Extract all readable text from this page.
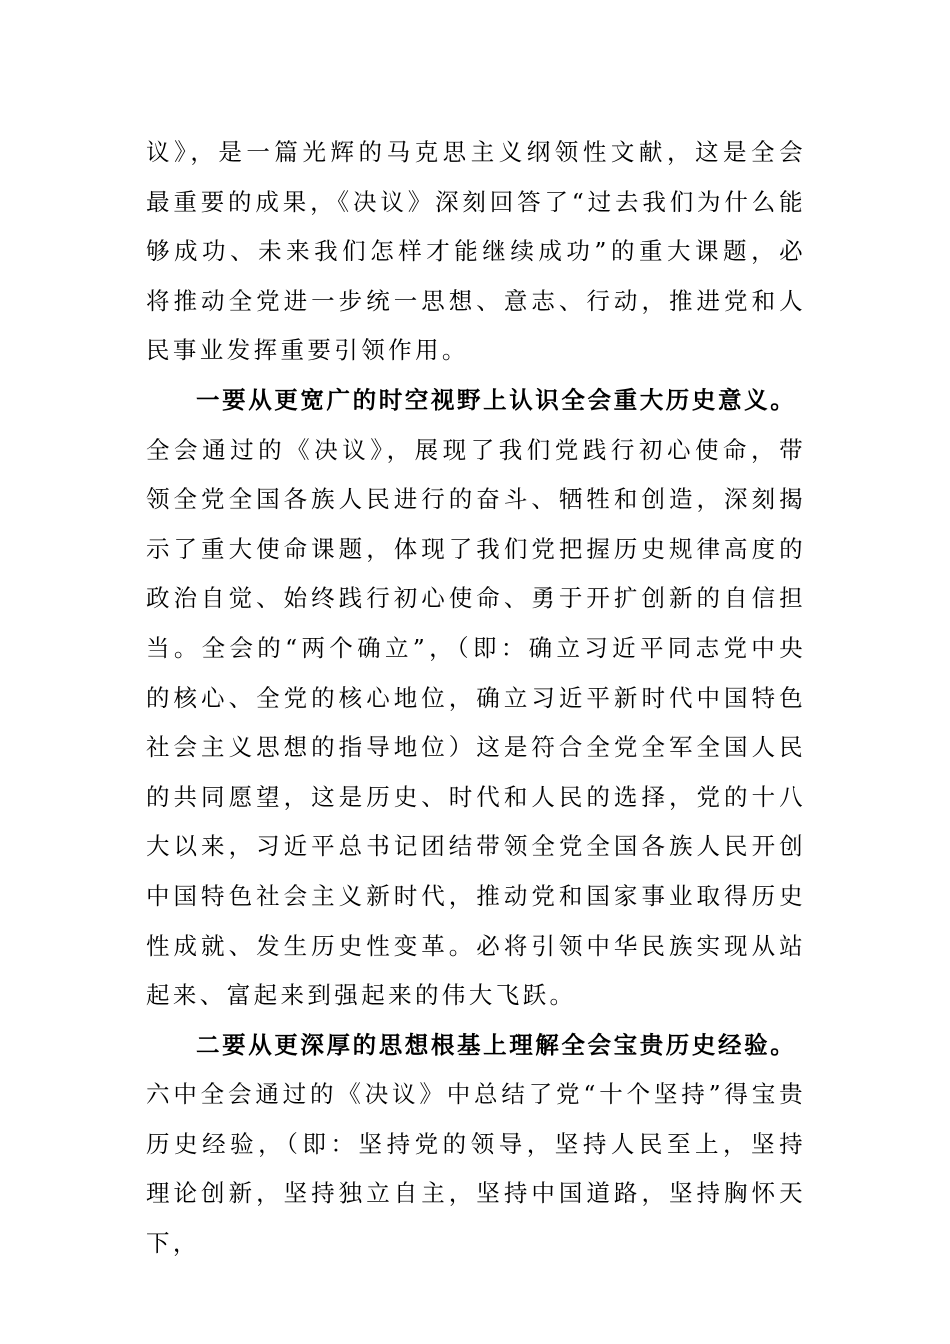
议》，是一篇光辉的马克思主义纲领性文献，这是全会最重要的成果，《决议》深刻回答了“过去我们为什么能够成功、未来我们怎样才能继续成功”的重大课题，必将推动全党进一步统一思想、意志、行动，推进党和人民事业发挥重要引领作用。

一要从更宽广的时空视野上认识全会重大历史意义。
全会通过的《决议》，展现了我们党践行初心使命，带领全党全国各族人民进行的奋斗、牺牲和创造，深刻揭示了重大使命课题，体现了我们党把握历史规律高度的政治自觉、始终践行初心使命、勇于开扩创新的自信担当。全会的“两个确立”，（即：确立习近平同志党中央的核心、全党的核心地位，确立习近平新时代中国特色社会主义思想的指导地位）这是符合全党全军全国人民的共同愿望，这是历史、时代和人民的选择，党的十八大以来，习近平总书记团结带领全党全国各族人民开创中国特色社会主义新时代，推动党和国家事业取得历史性成就、发生历史性变革。必将引领中华民族实现从站起来、富起来到强起来的伟大飞跃。

二要从更深厚的思想根基上理解全会宝贵历史经验。
六中全会通过的《决议》中总结了党“十个坚持”得宝贵历史经验，（即：坚持党的领导，坚持人民至上，坚持理论创新，坚持独立自主，坚持中国道路，坚持胸怀天下，
